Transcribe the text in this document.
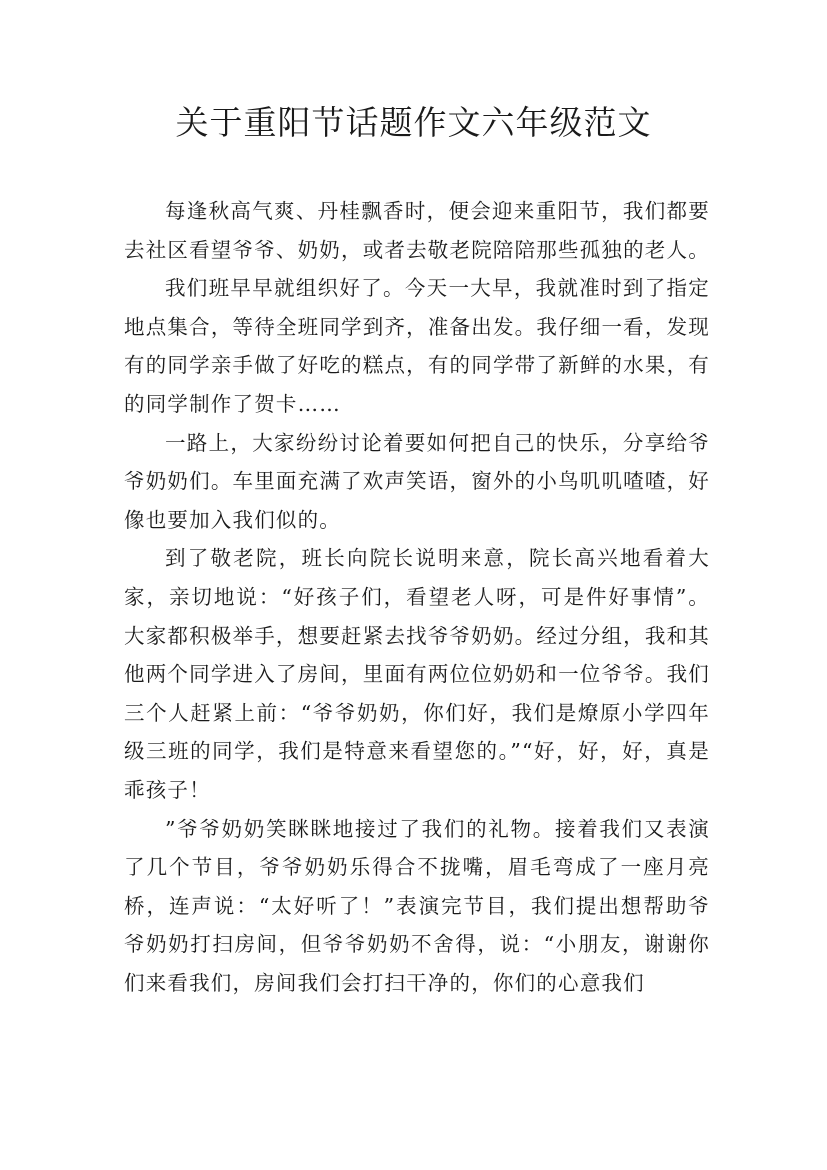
关于重阳节话题作文六年级范文

每逢秋高气爽、丹桂飘香时，便会迎来重阳节，我们都要去社区看望爷爷、奶奶，或者去敬老院陪陪那些孤独的老人。

我们班早早就组织好了。今天一大早，我就准时到了指定地点集合，等待全班同学到齐，准备出发。我仔细一看，发现有的同学亲手做了好吃的糕点，有的同学带了新鲜的水果，有的同学制作了贺卡……

一路上，大家纷纷讨论着要如何把自己的快乐，分享给爷爷奶奶们。车里面充满了欢声笑语，窗外的小鸟叽叽喳喳，好像也要加入我们似的。

到了敬老院，班长向院长说明来意，院长高兴地看着大家，亲切地说：“好孩子们，看望老人呀，可是件好事情”。大家都积极举手，想要赶紧去找爷爷奶奶。经过分组，我和其他两个同学进入了房间，里面有两位位奶奶和一位爷爷。我们三个人赶紧上前：“爷爷奶奶，你们好，我们是燎原小学四年级三班的同学，我们是特意来看望您的。”“好，好，好，真是乖孩子！

”爷爷奶奶笑眯眯地接过了我们的礼物。接着我们又表演了几个节目，爷爷奶奶乐得合不拢嘴，眉毛弯成了一座月亮桥，连声说：“太好听了！”表演完节目，我们提出想帮助爷爷奶奶打扫房间，但爷爷奶奶不舍得，说：“小朋友，谢谢你们来看我们，房间我们会打扫干净的，你们的心意我们
